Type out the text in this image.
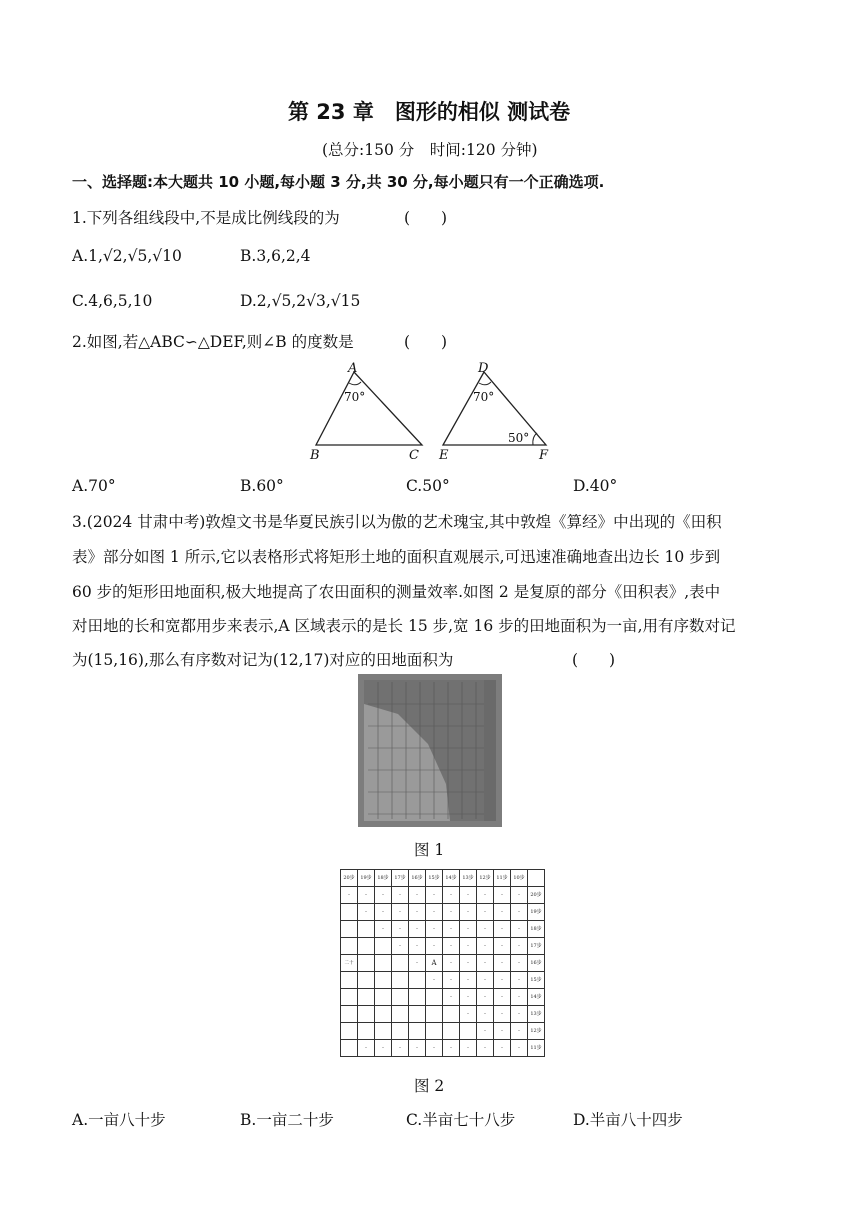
第 23 章　图形的相似 测试卷
(总分:150 分　时间:120 分钟)
一、选择题:本大题共 10 小题,每小题 3 分,共 30 分,每小题只有一个正确选项.
1.下列各组线段中,不是成比例线段的为	(　　)
A.1,√2,√5,√10	B.3,6,2,4
C.4,6,5,10	D.2,√5,2√3,√15
2.如图,若△ABC∽△DEF,则∠B 的度数是	(　　)
A
B	C
70°
D
E	F
70°
50°
A.70°	B.60°	C.50°	D.40°
3.(2024 甘肃中考)敦煌文书是华夏民族引以为傲的艺术瑰宝,其中敦煌《算经》中出现的《田积
表》部分如图 1 所示,它以表格形式将矩形土地的面积直观展示,可迅速准确地查出边长 10 步到
60 步的矩形田地面积,极大地提高了农田面积的测量效率.如图 2 是复原的部分《田积表》,表中
对田地的长和宽都用步来表示,A 区域表示的是长 15 步,宽 16 步的田地面积为一亩,用有序数对记
为(15,16),那么有序数对记为(12,17)对应的田地面积为	(　　)
图 1
20步	19步	18步	17步	16步	15步	14步	13步	12步	11步	10步	
··	··	··	··	··	··	··	··	··	··	··	20步
	··	··	··	··	··	··	··	··	··	··	19步
		··	··	··	··	··	··	··	··	··	18步
			··	··	··	··	··	··	··	··	17步
二十				··	A	··	··	··	··	··	16步
					··	··	··	··	··	··	15步
						··	··	··	··	··	14步
							··	··	··	··	13步
								··	··	··	12步
	··	··	··	··	··	··	··	··	··	··	11步
图 2
A.一亩八十步	B.一亩二十步	C.半亩七十八步	D.半亩八十四步
